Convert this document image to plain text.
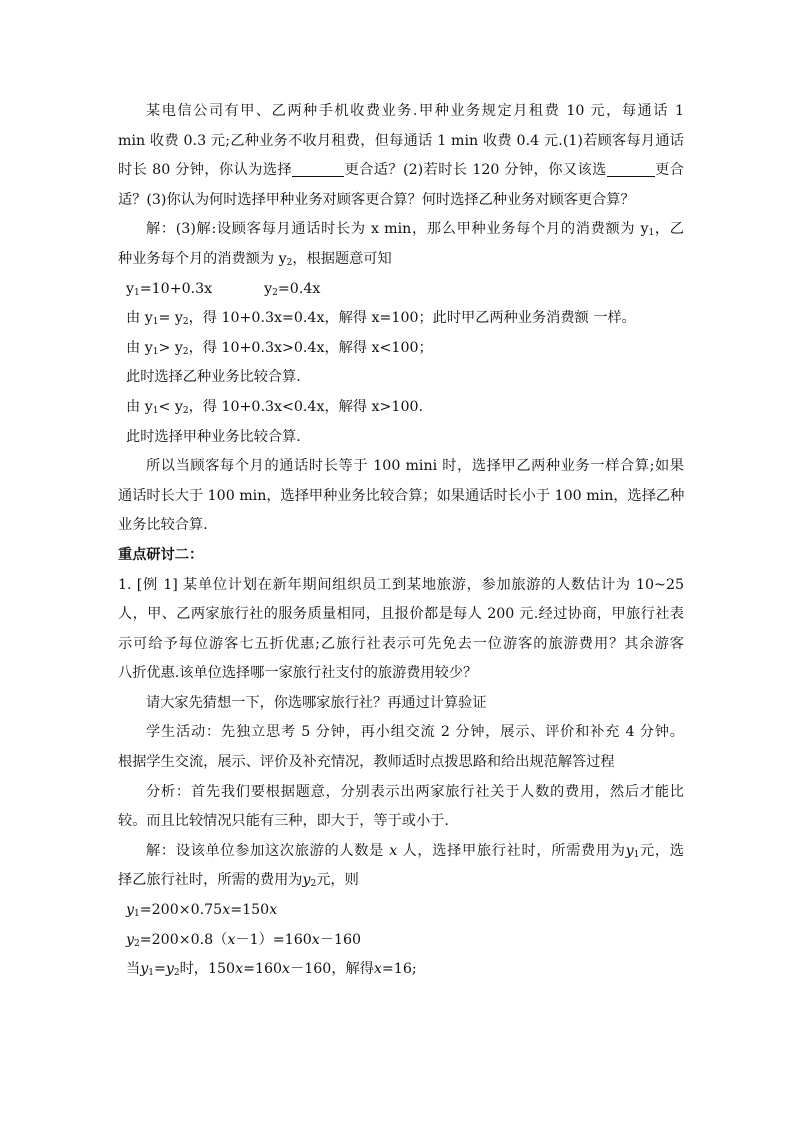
某电信公司有甲、乙两种手机收费业务.甲种业务规定月租费 10 元，每通话 1
min 收费 0.3 元;乙种业务不收月租费，但每通话 1 min 收费 0.4 元.(1)若顾客每月通话
时长 80 分钟，你认为选择	更合适？(2)若时长 120 分钟，你又该选	更合
适？(3)你认为何时选择甲种业务对顾客更合算？何时选择乙种业务对顾客更合算？
解：(3)解:设顾客每月通话时长为 x min，那么甲种业务每个月的消费额为 $y_1$，乙
种业务每个月的消费额为 $y_2$，根据题意可知
$y_1=10+0.3x$	$y_2=0.4x$
由 $y_1= y_2$，得 10+0.3x=0.4x，解得 x=100；此时甲乙两种业务消费额 一样。
由 $y_1> y_2$，得 10+0.3x>0.4x，解得 x<100；
此时选择乙种业务比较合算.
由 $y_1< y_2$，得 10+0.3x<0.4x，解得 x>100.
此时选择甲种业务比较合算.
所以当顾客每个月的通话时长等于 100 mini 时，选择甲乙两种业务一样合算;如果
通话时长大于 100 min，选择甲种业务比较合算；如果通话时长小于 100 min，选择乙种
业务比较合算.
重点研讨二：
1. [例 1] 某单位计划在新年期间组织员工到某地旅游，参加旅游的人数估计为 10~25
人，甲、乙两家旅行社的服务质量相同，且报价都是每人 200 元.经过协商，甲旅行社表
示可给予每位游客七五折优惠;乙旅行社表示可先免去一位游客的旅游费用？其余游客
八折优惠.该单位选择哪一家旅行社支付的旅游费用较少？
请大家先猜想一下，你选哪家旅行社？再通过计算验证
学生活动：先独立思考 5 分钟，再小组交流 2 分钟，展示、评价和补充 4 分钟。
根据学生交流，展示、评价及补充情况，教师适时点拨思路和给出规范解答过程
分析：首先我们要根据题意，分别表示出两家旅行社关于人数的费用，然后才能比
较。而且比较情况只能有三种，即大于，等于或小于.
解：设该单位参加这次旅游的人数是 x 人，选择甲旅行社时，所需费用为$y_1$元，选
择乙旅行社时，所需的费用为$y_2$元，则
$y_1=200\times 0.75x=150x$
$y_2=200\times 0.8(x-1)=160x-160$
当$y_1=y_2$时，150x=160x－160，解得x=16;
